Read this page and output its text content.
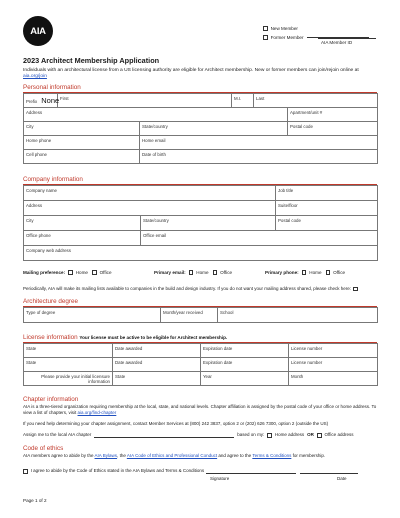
AIA	New Member
Former Member
AIA Member ID
2023 Architect Membership Application
Individuals with an architectural license from a US licensing authority are eligible for Architect membership. New or former members can join/rejoin online at aia.org/join
Personal information
Prefix None	First		M.I.	Last	
Address					Apartment/unit #
City		State/country			Postal code
Home phone		Home email			
Cell phone		Date of birth			
Company information
Company name		Job title
Address		Suite/floor
City	State/country	Postal code
Office phone	Office email	
Company web address		
Mailing preference: Home	Office	Primary email: Home	Office	Primary phone: Home	Office
Periodically, AIA will make its mailing lists available to companies in the build and design industry. If you do not want your mailing address shared, please check here:
Architecture degree
Type of degree	Month/year received	School
License information Your license must be active to be eligible for Architect membership.
State	Date awarded	Expiration date	License number
State	Date awarded	Expiration date	License number
Please provide your initial licensure information	State	Year	Month
Chapter information
AIA is a three-tiered organization requiring membership at the local, state, and national levels. Chapter affiliation is assigned by the postal code of your office or home address. To view a list of chapters, visit aia.org/find-chapter
If you need help determining your chapter assignment, contact Member Services at (800) 242 3837, option 2 or (202) 626 7300, option 2 (outside the US)
Assign me to the local AIA chapter	based on my: Home address OR Office address
Code of ethics
AIA members agree to abide by the AIA Bylaws, the AIA Code of Ethics and Professional Conduct and agree to the Terms & Conditions for membership.
I agree to abide by the Code of Ethics stated in the AIA Bylaws and Terms & Conditions
Signature	Date
Page 1 of 2
